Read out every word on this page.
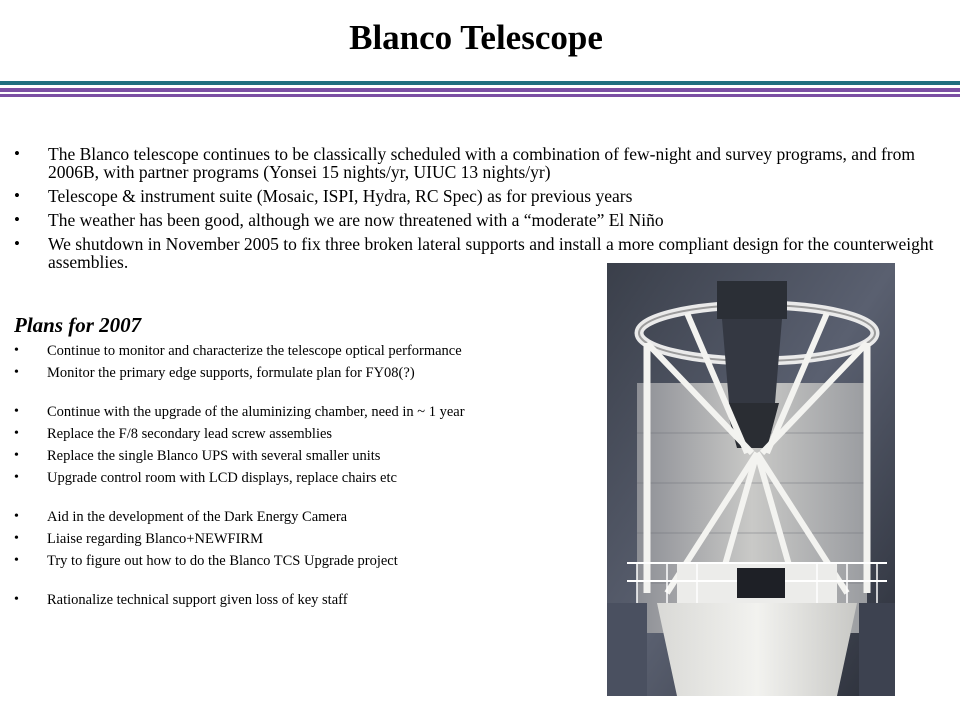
Blanco Telescope
• The Blanco telescope continues to be classically scheduled with a combination of few-night and survey programs, and from 2006B, with partner programs (Yonsei 15 nights/yr, UIUC 13 nights/yr)
• Telescope & instrument suite (Mosaic, ISPI, Hydra, RC Spec) as for previous years
• The weather has been good, although we are now threatened with a “moderate” El Niño
• We shutdown in November 2005 to fix three broken lateral supports and install a more compliant design for the counterweight assemblies.
Plans for 2007
• Continue to monitor and characterize the telescope optical performance
• Monitor the primary edge supports, formulate plan for FY08(?)
• Continue with the upgrade of the aluminizing chamber, need in ~ 1 year
• Replace the F/8 secondary lead screw assemblies
• Replace the single Blanco UPS with several smaller units
• Upgrade control room with LCD displays, replace chairs etc
• Aid in the development of the Dark Energy Camera
• Liaise regarding Blanco+NEWFIRM
• Try to figure out how to do the Blanco TCS Upgrade project
• Rationalize technical support given loss of key staff
